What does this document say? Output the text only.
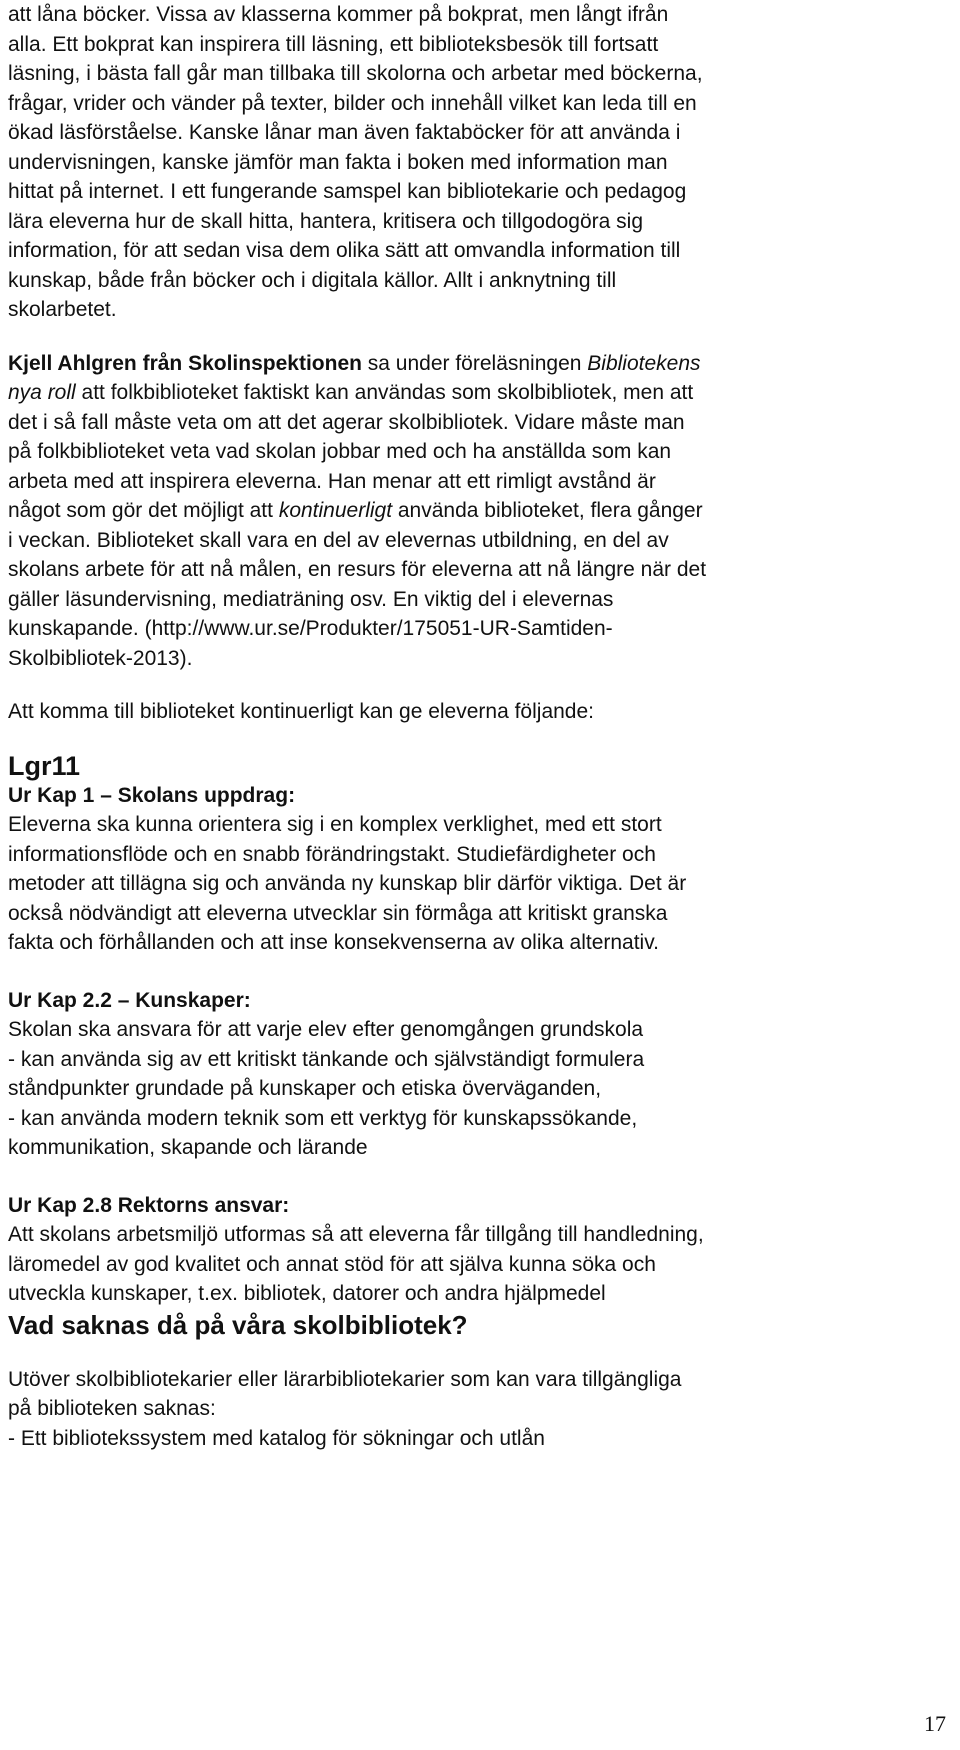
att låna böcker. Vissa av klasserna kommer på bokprat, men långt ifrån

alla. Ett bokprat kan inspirera till läsning, ett biblioteksbesök till fortsatt

läsning, i bästa fall går man tillbaka till skolorna och arbetar med böckerna,

frågar, vrider och vänder på texter, bilder och innehåll vilket kan leda till en

ökad läsförståelse. Kanske lånar man även faktaböcker för att använda i

undervisningen, kanske jämför man fakta i boken med information man

hittat på internet. I ett fungerande samspel kan bibliotekarie och pedagog

lära eleverna hur de skall hitta, hantera, kritisera och tillgodogöra sig

information, för att sedan visa dem olika sätt att omvandla information till

kunskap, både från böcker och i digitala källor. Allt i anknytning till

skolarbetet.

Kjell Ahlgren från Skolinspektionen sa under föreläsningen Bibliotekens

nya roll att folkbiblioteket faktiskt kan användas som skolbibliotek, men att

det i så fall måste veta om att det agerar skolbibliotek. Vidare måste man

på folkbiblioteket veta vad skolan jobbar med och ha anställda som kan

arbeta med att inspirera eleverna. Han menar att ett rimligt avstånd är

något som gör det möjligt att kontinuerligt använda biblioteket, flera gånger

i veckan. Biblioteket skall vara en del av elevernas utbildning, en del av

skolans arbete för att nå målen, en resurs för eleverna att nå längre när det

gäller läsundervisning, mediaträning osv. En viktig del i elevernas

kunskapande. (http://www.ur.se/Produkter/175051-UR-Samtiden-

Skolbibliotek-2013).

Att komma till biblioteket kontinuerligt kan ge eleverna följande:

Lgr11

Ur Kap 1 – Skolans uppdrag:

Eleverna ska kunna orientera sig i en komplex verklighet, med ett stort

informationsflöde och en snabb förändringstakt. Studiefärdigheter och

metoder att tillägna sig och använda ny kunskap blir därför viktiga. Det är

också nödvändigt att eleverna utvecklar sin förmåga att kritiskt granska

fakta och förhållanden och att inse konsekvenserna av olika alternativ.

Ur Kap 2.2 – Kunskaper:

Skolan ska ansvara för att varje elev efter genomgången grundskola

- kan använda sig av ett kritiskt tänkande och självständigt formulera

ståndpunkter grundade på kunskaper och etiska överväganden,

- kan använda modern teknik som ett verktyg för kunskapssökande,

kommunikation, skapande och lärande

Ur Kap 2.8 Rektorns ansvar:

Att skolans arbetsmiljö utformas så att eleverna får tillgång till handledning,

läromedel av god kvalitet och annat stöd för att själva kunna söka och

utveckla kunskaper, t.ex. bibliotek, datorer och andra hjälpmedel

Vad saknas då på våra skolbibliotek?

Utöver skolbibliotekarier eller lärarbibliotekarier som kan vara tillgängliga

på biblioteken saknas:

- Ett bibliotekssystem med katalog för sökningar och utlån

17
